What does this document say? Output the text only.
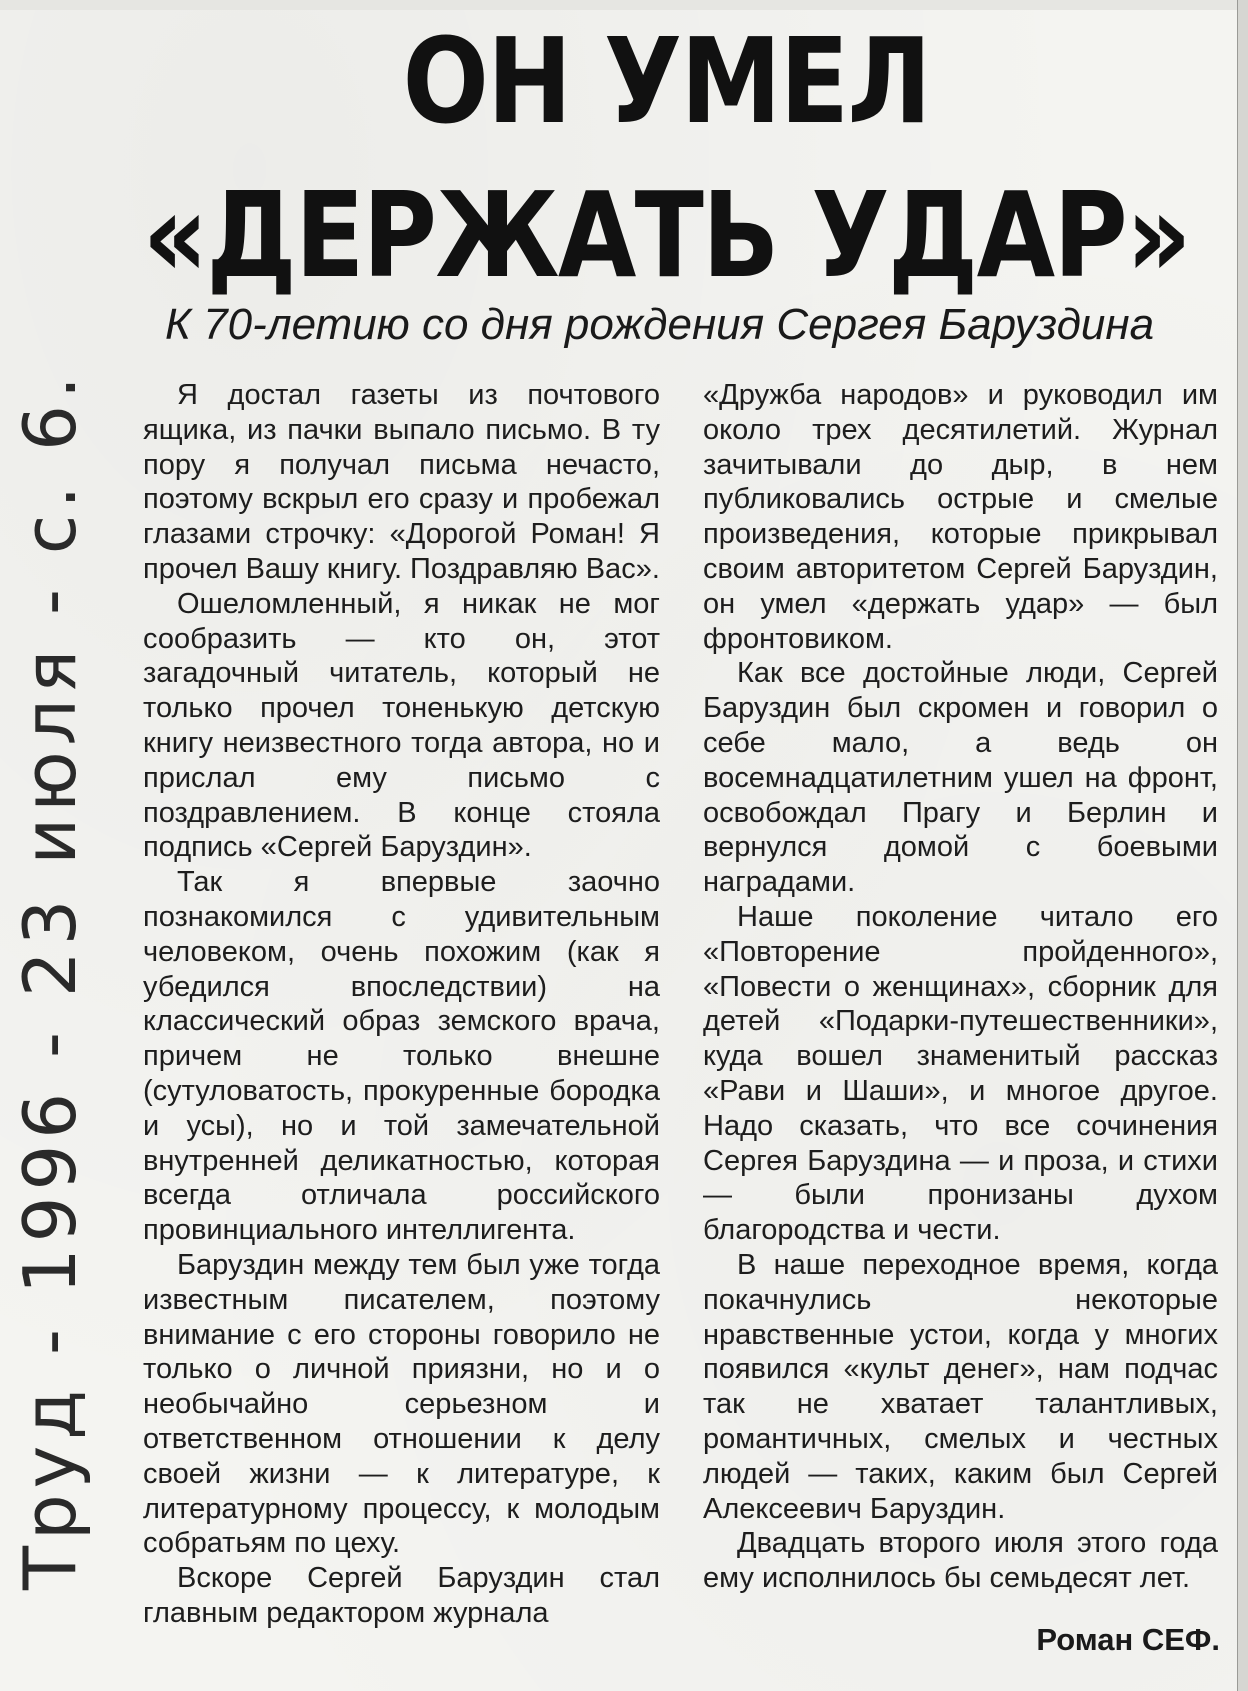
ОН УМЕЛ
«ДЕРЖАТЬ УДАР»
К 70-летию со дня рождения Сергея Баруздина

Я достал газеты из почтового ящика, из пачки выпало письмо. В ту пору я получал письма нечасто, поэтому вскрыл его сразу и пробежал глазами строчку: «Дорогой Роман! Я прочел Вашу книгу. Поздравляю Вас».

Ошеломленный, я никак не мог сообразить — кто он, этот загадочный читатель, который не только прочел тоненькую детскую книгу неизвестного тогда автора, но и прислал ему письмо с поздравлением. В конце стояла подпись «Сергей Баруздин».

Так я впервые заочно познакомился с удивительным человеком, очень похожим (как я убедился впоследствии) на классический образ земского врача, причем не только внешне (сутуловатость, прокуренные бородка и усы), но и той замечательной внутренней деликатностью, которая всегда отличала российского провинциального интеллигента.

Баруздин между тем был уже тогда известным писателем, поэтому внимание с его стороны говорило не только о личной приязни, но и о необычайно серьезном и ответственном отношении к делу своей жизни — к литературе, к литературному процессу, к молодым собратьям по цеху.

Вскоре Сергей Баруздин стал главным редактором журнала

«Дружба народов» и руководил им около трех десятилетий. Журнал зачитывали до дыр, в нем публиковались острые и смелые произведения, которые прикрывал своим авторитетом Сергей Баруздин, он умел «держать удар» — был фронтовиком.

Как все достойные люди, Сергей Баруздин был скромен и говорил о себе мало, а ведь он восемнадцатилетним ушел на фронт, освобождал Прагу и Берлин и вернулся домой с боевыми наградами.

Наше поколение читало его «Повторение пройденного», «Повести о женщинах», сборник для детей «Подарки-путешественники», куда вошел знаменитый рассказ «Рави и Шаши», и многое другое. Надо сказать, что все сочинения Сергея Баруздина — и проза, и стихи — были пронизаны духом благородства и чести.

В наше переходное время, когда покачнулись некоторые нравственные устои, когда у многих появился «культ денег», нам подчас так не хватает талантливых, романтичных, смелых и честных людей — таких, каким был Сергей Алексеевич Баруздин.

Двадцать второго июля этого года ему исполнилось бы семьдесят лет.

Роман СЕФ.
Труд - 1996 - 23 июля - с. 6.
